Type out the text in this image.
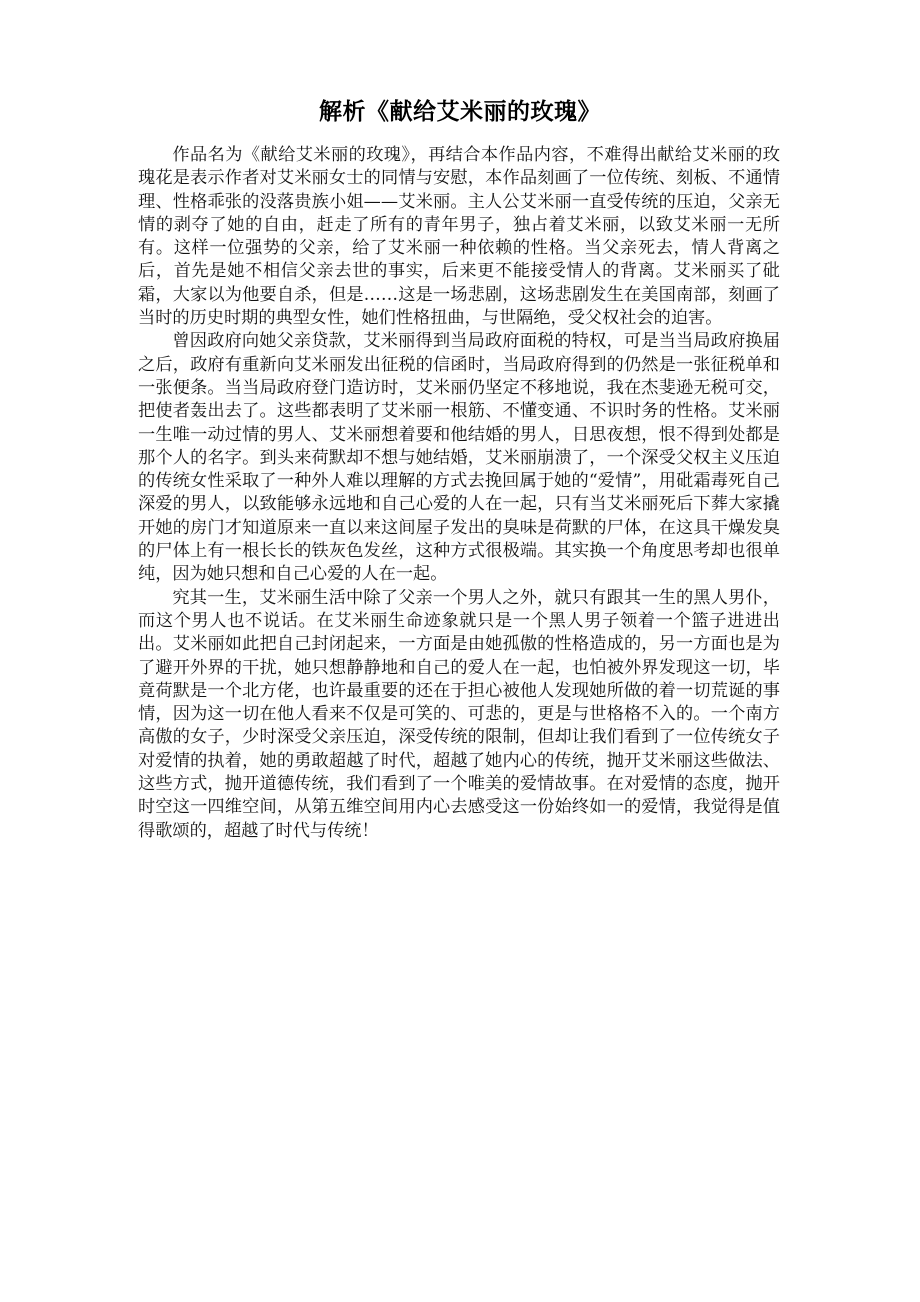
解析《献给艾米丽的玫瑰》

作品名为《献给艾米丽的玫瑰》，再结合本作品内容，不难得出献给艾米丽的玫瑰花是表示作者对艾米丽女士的同情与安慰，本作品刻画了一位传统、刻板、不通情理、性格乖张的没落贵族小姐——艾米丽。主人公艾米丽一直受传统的压迫，父亲无情的剥夺了她的自由，赶走了所有的青年男子，独占着艾米丽，以致艾米丽一无所有。这样一位强势的父亲，给了艾米丽一种依赖的性格。当父亲死去，情人背离之后，首先是她不相信父亲去世的事实，后来更不能接受情人的背离。艾米丽买了砒霜，大家以为他要自杀，但是……这是一场悲剧，这场悲剧发生在美国南部，刻画了当时的历史时期的典型女性，她们性格扭曲，与世隔绝，受父权社会的迫害。

曾因政府向她父亲贷款，艾米丽得到当局政府面税的特权，可是当当局政府换届之后，政府有重新向艾米丽发出征税的信函时，当局政府得到的仍然是一张征税单和一张便条。当当局政府登门造访时，艾米丽仍坚定不移地说，我在杰斐逊无税可交，把使者轰出去了。这些都表明了艾米丽一根筋、不懂变通、不识时务的性格。艾米丽一生唯一动过情的男人、艾米丽想着要和他结婚的男人，日思夜想，恨不得到处都是那个人的名字。到头来荷默却不想与她结婚，艾米丽崩溃了，一个深受父权主义压迫的传统女性采取了一种外人难以理解的方式去挽回属于她的“爱情”，用砒霜毒死自己深爱的男人，以致能够永远地和自己心爱的人在一起，只有当艾米丽死后下葬大家撬开她的房门才知道原来一直以来这间屋子发出的臭味是荷默的尸体，在这具干燥发臭的尸体上有一根长长的铁灰色发丝，这种方式很极端。其实换一个角度思考却也很单纯，因为她只想和自己心爱的人在一起。

究其一生，艾米丽生活中除了父亲一个男人之外，就只有跟其一生的黑人男仆，而这个男人也不说话。在艾米丽生命迹象就只是一个黑人男子领着一个篮子进进出出。艾米丽如此把自己封闭起来，一方面是由她孤傲的性格造成的，另一方面也是为了避开外界的干扰，她只想静静地和自己的爱人在一起，也怕被外界发现这一切，毕竟荷默是一个北方佬，也许最重要的还在于担心被他人发现她所做的着一切荒诞的事情，因为这一切在他人看来不仅是可笑的、可悲的，更是与世格格不入的。一个南方高傲的女子，少时深受父亲压迫，深受传统的限制，但却让我们看到了一位传统女子对爱情的执着，她的勇敢超越了时代，超越了她内心的传统，抛开艾米丽这些做法、这些方式，抛开道德传统，我们看到了一个唯美的爱情故事。在对爱情的态度，抛开时空这一四维空间，从第五维空间用内心去感受这一份始终如一的爱情，我觉得是值得歌颂的，超越了时代与传统！
